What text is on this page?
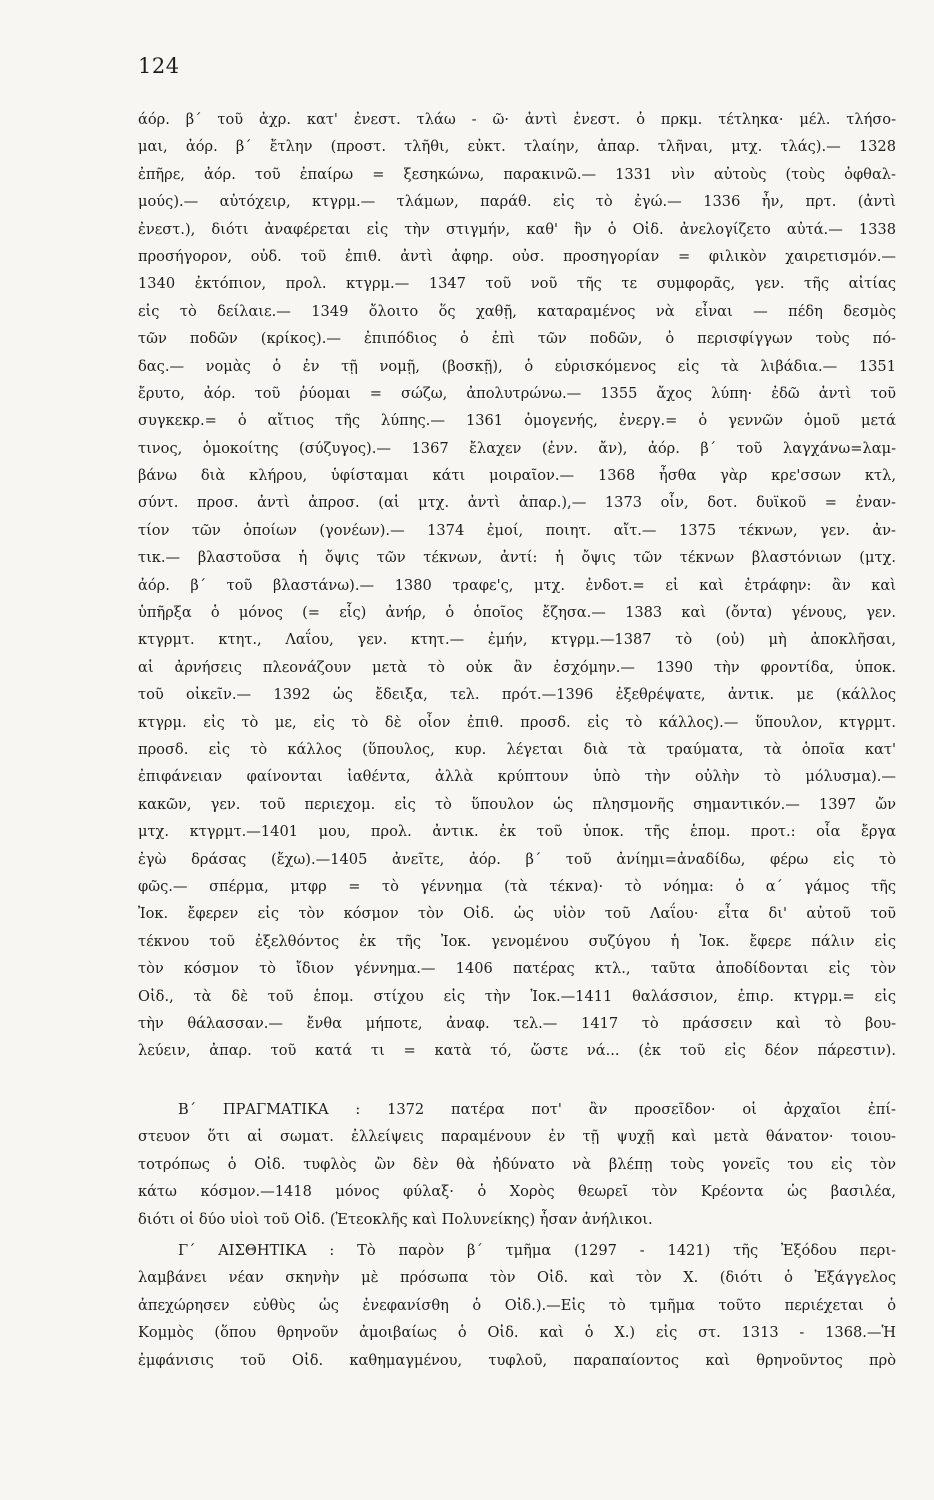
124
άόρ. β΄ τοῦ ἀχρ. κατ' ἐνεστ. τλάω - ῶ· ἀντὶ ἐνεστ. ὁ πρκμ. τέτληκα· μέλ. τλήσο-
μαι, ἀόρ. β΄ ἔτλην (προστ. τλῆθι, εὐκτ. τλαίην, ἀπαρ. τλῆναι, μτχ. τλάς).— 1328
ἐπῆρε, ἀόρ. τοῦ ἐπαίρω = ξεσηκώνω, παρακινῶ.— 1331 νὶν αὐτοὺς (τοὺς ὀφθαλ-
μούς).— αὐτόχειρ, κτγρμ.— τλάμων, παράθ. εἰς τὸ ἐγώ.— 1336 ἦν, πρτ. (ἀντὶ
ἐνεστ.), διότι ἀναφέρεται εἰς τὴν στιγμήν, καθ' ἣν ὁ Οἰδ. ἀνελογίζετο αὐτά.— 1338
προσήγορον, οὐδ. τοῦ ἐπιθ. ἀντὶ ἀφηρ. οὐσ. προσηγορίαν = φιλικὸν χαιρετισμόν.—
1340 ἐκτόπιον, προλ. κτγρμ.— 1347 τοῦ νοῦ τῆς τε συμφορᾶς, γεν. τῆς αἰτίας
εἰς τὸ δείλαιε.— 1349 ὄλοιτο ὅς χαθῇ, καταραμένος νὰ εἶναι — πέδη δεσμὸς
τῶν ποδῶν (κρίκος).— ἐπιπόδιος ὁ ἐπὶ τῶν ποδῶν, ὁ περισφίγγων τοὺς πό-
δας.— νομὰς ὁ ἐν τῇ νομῇ, (βοσκῇ), ὁ εὑρισκόμενος εἰς τὰ λιβάδια.— 1351
ἔρυτο, ἀόρ. τοῦ ῥύομαι = σώζω, ἀπολυτρώνω.— 1355 ἄχος λύπη· ἐδῶ ἀντὶ τοῦ
συγκεκρ.= ὁ αἴτιος τῆς λύπης.— 1361 ὁμογενής, ἐνεργ.= ὁ γεννῶν ὁμοῦ μετά
τινος, ὁμοκοίτης (σύζυγος).— 1367 ἔλαχεν (ἐνν. ἄν), ἀόρ. β΄ τοῦ λαγχάνω=λαμ-
βάνω διὰ κλήρου, ὑφίσταμαι κάτι μοιραῖον.— 1368 ἦσθα γὰρ κρε'σσων κτλ,
σύντ. προσ. ἀντὶ ἀπροσ. (αἱ μτχ. ἀντὶ ἀπαρ.),— 1373 οἷν, δοτ. δυϊκοῦ = ἐναν-
τίον τῶν ὁποίων (γονέων).— 1374 ἐμοί, ποιητ. αἴτ.— 1375 τέκνων, γεν. ἀν-
τικ.— βλαστοῦσα ἡ ὄψις τῶν τέκνων, ἀντί: ἡ ὄψις τῶν τέκνων βλαστόνιων (μτχ.
ἀόρ. β΄ τοῦ βλαστάνω).— 1380 τραφε'ς, μτχ. ἐνδοτ.= εἰ καὶ ἐτράφην: ἂν καὶ
ὑπῆρξα ὁ μόνος (= εἷς) ἀνήρ, ὁ ὁποῖος ἔζησα.— 1383 καὶ (ὄντα) γένους, γεν.
κτγρμτ. κτητ., Λαΐου, γεν. κτητ.— ἐμήν, κτγρμ.—1387 τὸ (οὐ) μὴ ἀποκλῆσαι,
αἱ ἀρνήσεις πλεονάζουν μετὰ τὸ οὐκ ἂν ἐσχόμην.— 1390 τὴν φροντίδα, ὑποκ.
τοῦ οἰκεῖν.— 1392 ὡς ἔδειξα, τελ. πρότ.—1396 ἐξεθρέψατε, ἀντικ. με (κάλλος
κτγρμ. εἰς τὸ με, εἰς τὸ δὲ οἷον ἐπιθ. προσδ. εἰς τὸ κάλλος).— ὕπουλον, κτγρμτ.
προσδ. εἰς τὸ κάλλος (ὕπουλος, κυρ. λέγεται διὰ τὰ τραύματα, τὰ ὁποῖα κατ'
ἐπιφάνειαν φαίνονται ἰαθέντα, ἀλλὰ κρύπτουν ὑπὸ τὴν οὐλὴν τὸ μόλυσμα).—
κακῶν, γεν. τοῦ περιεχομ. εἰς τὸ ὕπουλον ὡς πλησμονῆς σημαντικόν.— 1397 ὤν
μτχ. κτγρμτ.—1401 μου, προλ. ἀντικ. ἐκ τοῦ ὑποκ. τῆς ἑπομ. προτ.: οἷα ἔργα
ἐγὼ δράσας (ἔχω).—1405 ἀνεῖτε, ἀόρ. β΄ τοῦ ἀνίημι=ἀναδίδω, φέρω εἰς τὸ
φῶς.— σπέρμα, μτφρ = τὸ γέννημα (τὰ τέκνα)· τὸ νόημα: ὁ α΄ γάμος τῆς
Ἰοκ. ἔφερεν εἰς τὸν κόσμον τὸν Οἰδ. ὡς υἱὸν τοῦ Λαΐου· εἶτα δι' αὐτοῦ τοῦ
τέκνου τοῦ ἐξελθόντος ἐκ τῆς Ἰοκ. γενομένου συζύγου ἡ Ἰοκ. ἔφερε πάλιν εἰς
τὸν κόσμον τὸ ἴδιον γέννημα.— 1406 πατέρας κτλ., ταῦτα ἀποδίδονται εἰς τὸν
Οἰδ., τὰ δὲ τοῦ ἑπομ. στίχου εἰς τὴν Ἰοκ.—1411 θαλάσσιον, ἐπιρ. κτγρμ.= εἰς
τὴν θάλασσαν.— ἔνθα μήποτε, ἀναφ. τελ.— 1417 τὸ πράσσειν καὶ τὸ βου-
λεύειν, ἀπαρ. τοῦ κατά τι = κατὰ τό, ὥστε νά... (ἐκ τοῦ εἰς δέον πάρεστιν).
Β΄ ΠΡΑΓΜΑΤΙΚΑ : 1372 πατέρα ποτ' ἂν προσεῖδον· οἱ ἀρχαῖοι ἐπί-
στευον ὅτι αἱ σωματ. ἐλλείψεις παραμένουν ἐν τῇ ψυχῇ καὶ μετὰ θάνατον· τοιου-
τοτρόπως ὁ Οἰδ. τυφλὸς ὢν δὲν θὰ ἠδύνατο νὰ βλέπῃ τοὺς γονεῖς του εἰς τὸν
κάτω κόσμον.—1418 μόνος φύλαξ· ὁ Χορὸς θεωρεῖ τὸν Κρέοντα ὡς βασιλέα,
διότι οἱ δύο υἱοὶ τοῦ Οἰδ. (Ἐτεοκλῆς καὶ Πολυνείκης) ἦσαν ἀνήλικοι.
Γ΄ ΑΙΣΘΗΤΙΚΑ : Τὸ παρὸν β΄ τμῆμα (1297 - 1421) τῆς Ἐξόδου περι-
λαμβάνει νέαν σκηνὴν μὲ πρόσωπα τὸν Οἰδ. καὶ τὸν Χ. (διότι ὁ Ἐξάγγελος
ἀπεχώρησεν εὐθὺς ὡς ἐνεφανίσθη ὁ Οἰδ.).—Εἰς τὸ τμῆμα τοῦτο περιέχεται ὁ
Κομμὸς (ὅπου θρηνοῦν ἀμοιβαίως ὁ Οἰδ. καὶ ὁ Χ.) εἰς στ. 1313 - 1368.—Ἡ
ἐμφάνισις τοῦ Οἰδ. καθημαγμένου, τυφλοῦ, παραπαίοντος καὶ θρηνοῦντος πρὸ
